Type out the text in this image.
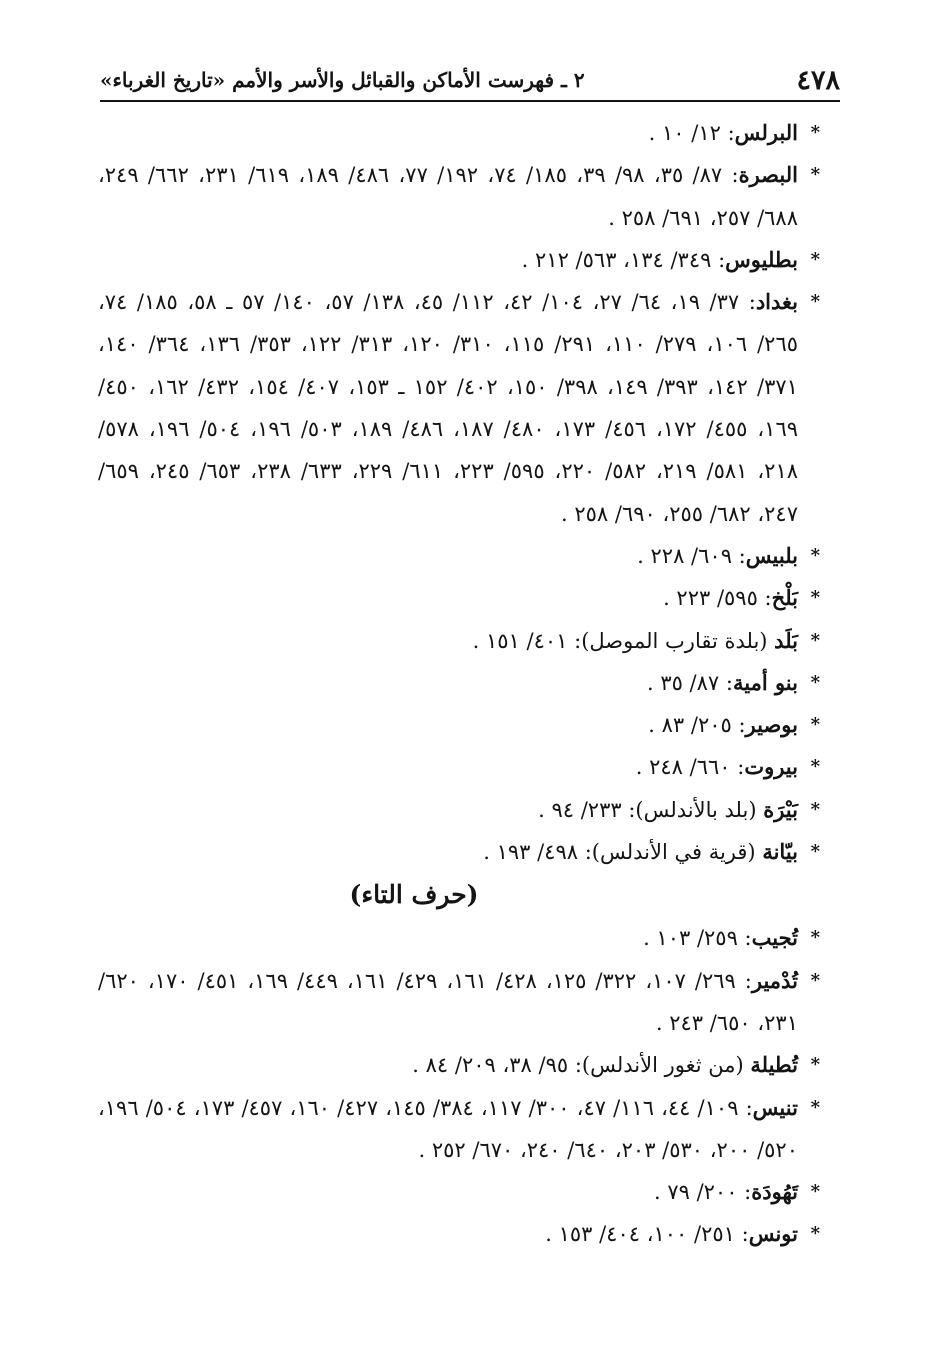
٤٧٨
٢ ـ فهرست الأماكن والقبائل والأسر والأمم «تاريخ الغرباء»
*
البرلس: ١٢/ ١٠ .
*
البصرة: ٨٧/ ٣٥، ٩٨/ ٣٩، ١٨٥/ ٧٤، ١٩٢/ ٧٧، ٤٨٦/ ١٨٩، ٦١٩/ ٢٣١، ٦٦٢/ ٢٤٩، ٦٨٨/ ٢٥٧، ٦٩١/ ٢٥٨ .
*
بطليوس: ٣٤٩/ ١٣٤، ٥٦٣/ ٢١٢ .
*
بغداد: ٣٧/ ١٩، ٦٤/ ٢٧، ١٠٤/ ٤٢، ١١٢/ ٤٥، ١٣٨/ ٥٧، ١٤٠/ ٥٧ ـ ٥٨، ١٨٥/ ٧٤، ٢٦٥/ ١٠٦، ٢٧٩/ ١١٠، ٢٩١/ ١١٥، ٣١٠/ ١٢٠، ٣١٣/ ١٢٢، ٣٥٣/ ١٣٦، ٣٦٤/ ١٤٠، ٣٧١/ ١٤٢، ٣٩٣/ ١٤٩، ٣٩٨/ ١٥٠، ٤٠٢/ ١٥٢ ـ ١٥٣، ٤٠٧/ ١٥٤، ٤٣٢/ ١٦٢، ٤٥٠/ ١٦٩، ٤٥٥/ ١٧٢، ٤٥٦/ ١٧٣، ٤٨٠/ ١٨٧، ٤٨٦/ ١٨٩، ٥٠٣/ ١٩٦، ٥٠٤/ ١٩٦، ٥٧٨/ ٢١٨، ٥٨١/ ٢١٩، ٥٨٢/ ٢٢٠، ٥٩٥/ ٢٢٣، ٦١١/ ٢٢٩، ٦٣٣/ ٢٣٨، ٦٥٣/ ٢٤٥، ٦٥٩/ ٢٤٧، ٦٨٢/ ٢٥٥، ٦٩٠/ ٢٥٨ .
*
بلبيس: ٦٠٩/ ٢٢٨ .
*
بَلْخ: ٥٩٥/ ٢٢٣ .
*
بَلَد (بلدة تقارب الموصل): ٤٠١/ ١٥١ .
*
بنو أمية: ٨٧/ ٣٥ .
*
بوصير: ٢٠٥/ ٨٣ .
*
بيروت: ٦٦٠/ ٢٤٨ .
*
بَيْرَة (بلد بالأندلس): ٢٣٣/ ٩٤ .
*
بيّانة (قرية في الأندلس): ٤٩٨/ ١٩٣ .
(حرف التاء)
*
تُجيب: ٢٥٩/ ١٠٣ .
*
تُدْمير: ٢٦٩/ ١٠٧، ٣٢٢/ ١٢٥، ٤٢٨/ ١٦١، ٤٢٩/ ١٦١، ٤٤٩/ ١٦٩، ٤٥١/ ١٧٠، ٦٢٠/ ٢٣١، ٦٥٠/ ٢٤٣ .
*
تُطيلة (من ثغور الأندلس): ٩٥/ ٣٨، ٢٠٩/ ٨٤ .
*
تنيس: ١٠٩/ ٤٤، ١١٦/ ٤٧، ٣٠٠/ ١١٧، ٣٨٤/ ١٤٥، ٤٢٧/ ١٦٠، ٤٥٧/ ١٧٣، ٥٠٤/ ١٩٦، ٥٢٠/ ٢٠٠، ٥٣٠/ ٢٠٣، ٦٤٠/ ٢٤٠، ٦٧٠/ ٢٥٢ .
*
تَهُودَة: ٢٠٠/ ٧٩ .
*
تونس: ٢٥١/ ١٠٠، ٤٠٤/ ١٥٣ .
